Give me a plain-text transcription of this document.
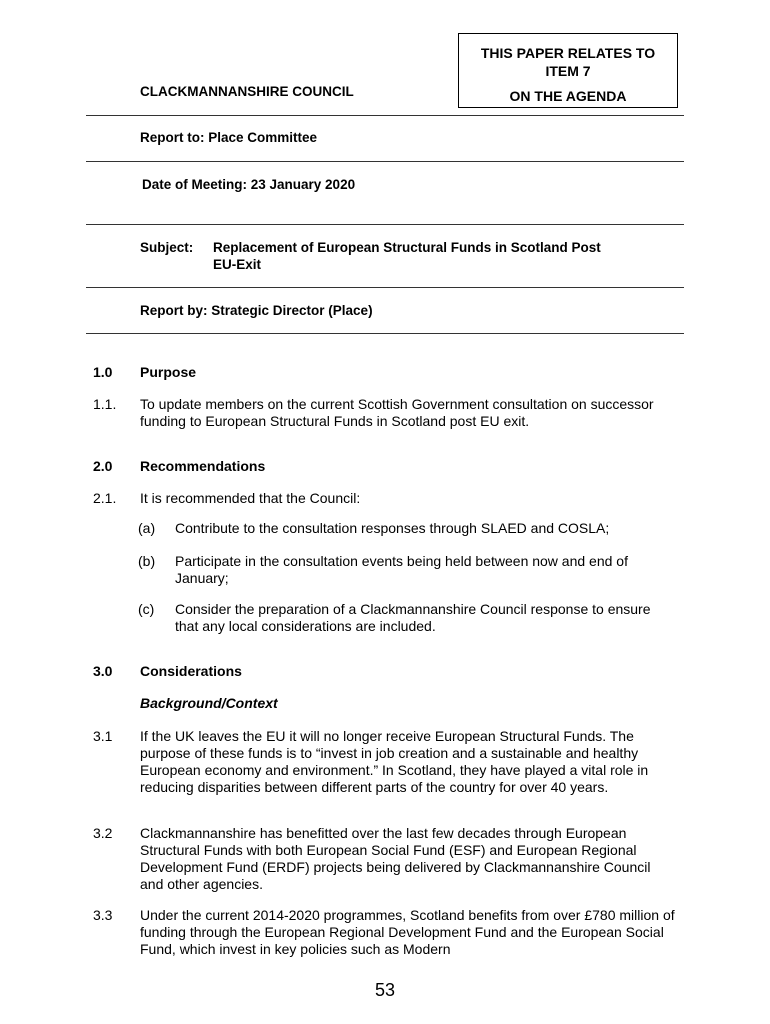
CLACKMANNANSHIRE COUNCIL
THIS PAPER RELATES TO
ITEM 7
ON THE AGENDA
Report to: Place Committee
Date of Meeting: 23 January 2020
Subject: Replacement of European Structural Funds in Scotland Post
EU-Exit
Report by: Strategic Director (Place)
1.0 Purpose
1.1. To update members on the current Scottish Government consultation on successor funding to European Structural Funds in Scotland post EU exit.
2.0 Recommendations
2.1. It is recommended that the Council:
(a) Contribute to the consultation responses through SLAED and COSLA;
(b) Participate in the consultation events being held between now and end of January;
(c) Consider the preparation of a Clackmannanshire Council response to ensure that any local considerations are included.
3.0 Considerations
Background/Context
3.1 If the UK leaves the EU it will no longer receive European Structural Funds. The purpose of these funds is to “invest in job creation and a sustainable and healthy European economy and environment.” In Scotland, they have played a vital role in reducing disparities between different parts of the country for over 40 years.
3.2 Clackmannanshire has benefitted over the last few decades through European Structural Funds with both European Social Fund (ESF) and European Regional Development Fund (ERDF) projects being delivered by Clackmannanshire Council and other agencies.
3.3 Under the current 2014-2020 programmes, Scotland benefits from over £780 million of funding through the European Regional Development Fund and the European Social Fund, which invest in key policies such as Modern
53
